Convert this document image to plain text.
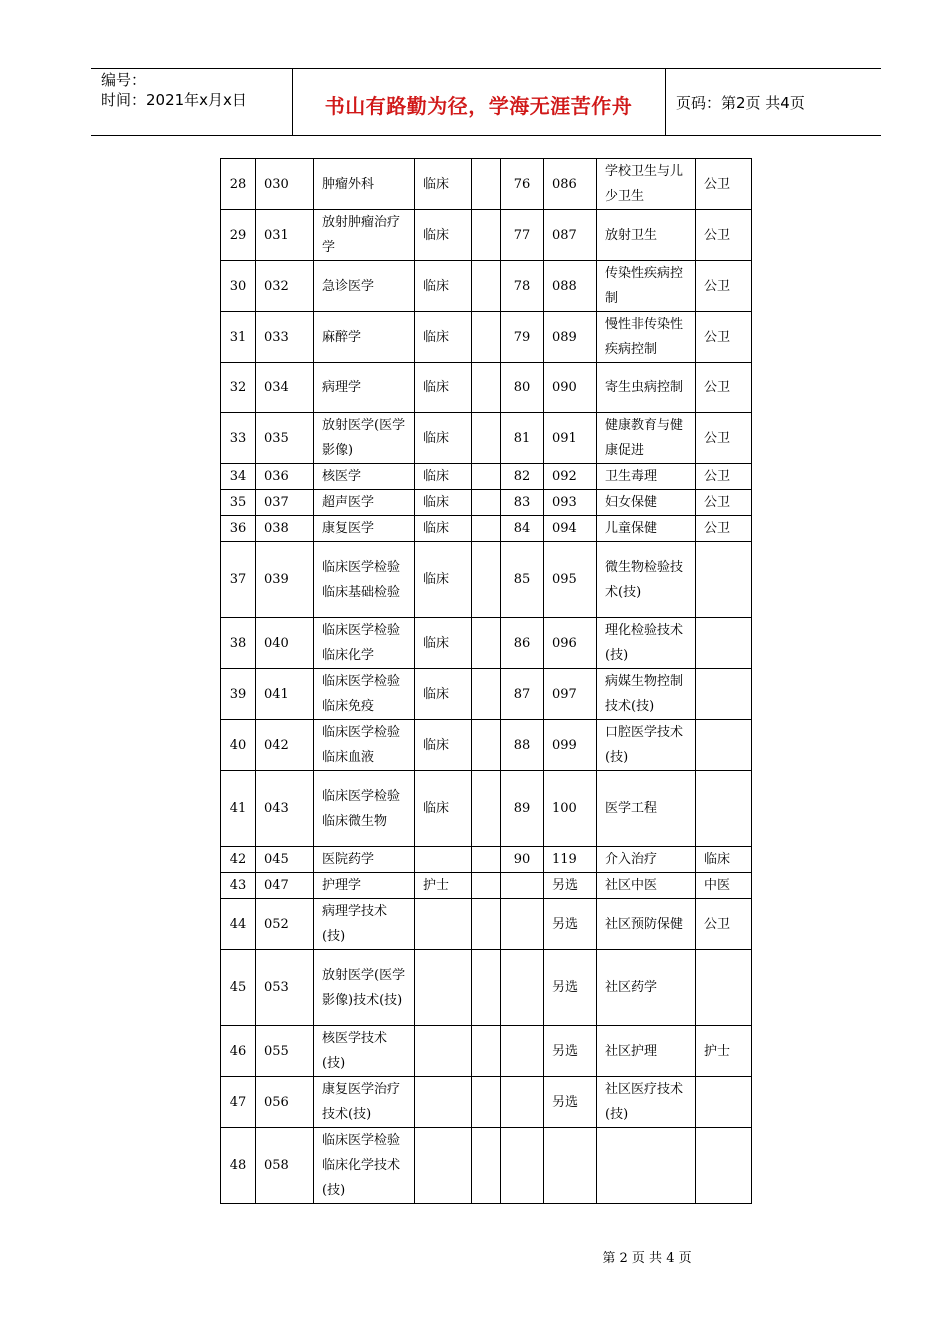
编号：
时间：2021年x月x日	书山有路勤为径，学海无涯苦作舟	页码：第2页 共4页
28	030	肿瘤外科	临床		76	086	学校卫生与儿少卫生	公卫
29	031	放射肿瘤治疗学	临床		77	087	放射卫生	公卫
30	032	急诊医学	临床		78	088	传染性疾病控制	公卫
31	033	麻醉学	临床		79	089	慢性非传染性疾病控制	公卫
32	034	病理学	临床		80	090	寄生虫病控制	公卫
33	035	放射医学(医学影像)	临床		81	091	健康教育与健康促进	公卫
34	036	核医学	临床		82	092	卫生毒理	公卫
35	037	超声医学	临床		83	093	妇女保健	公卫
36	038	康复医学	临床		84	094	儿童保健	公卫
37	039	临床医学检验临床基础检验	临床		85	095	微生物检验技术(技)	
38	040	临床医学检验临床化学	临床		86	096	理化检验技术(技)	
39	041	临床医学检验临床免疫	临床		87	097	病媒生物控制技术(技)	
40	042	临床医学检验临床血液	临床		88	099	口腔医学技术(技)	
41	043	临床医学检验临床微生物	临床		89	100	医学工程	
42	045	医院药学			90	119	介入治疗	临床
43	047	护理学	护士			另选	社区中医	中医
44	052	病理学技术(技)				另选	社区预防保健	公卫
45	053	放射医学(医学影像)技术(技)				另选	社区药学	
46	055	核医学技术(技)				另选	社区护理	护士
47	056	康复医学治疗技术(技)				另选	社区医疗技术(技)	
48	058	临床医学检验临床化学技术(技)						
第 2 页 共 4 页
